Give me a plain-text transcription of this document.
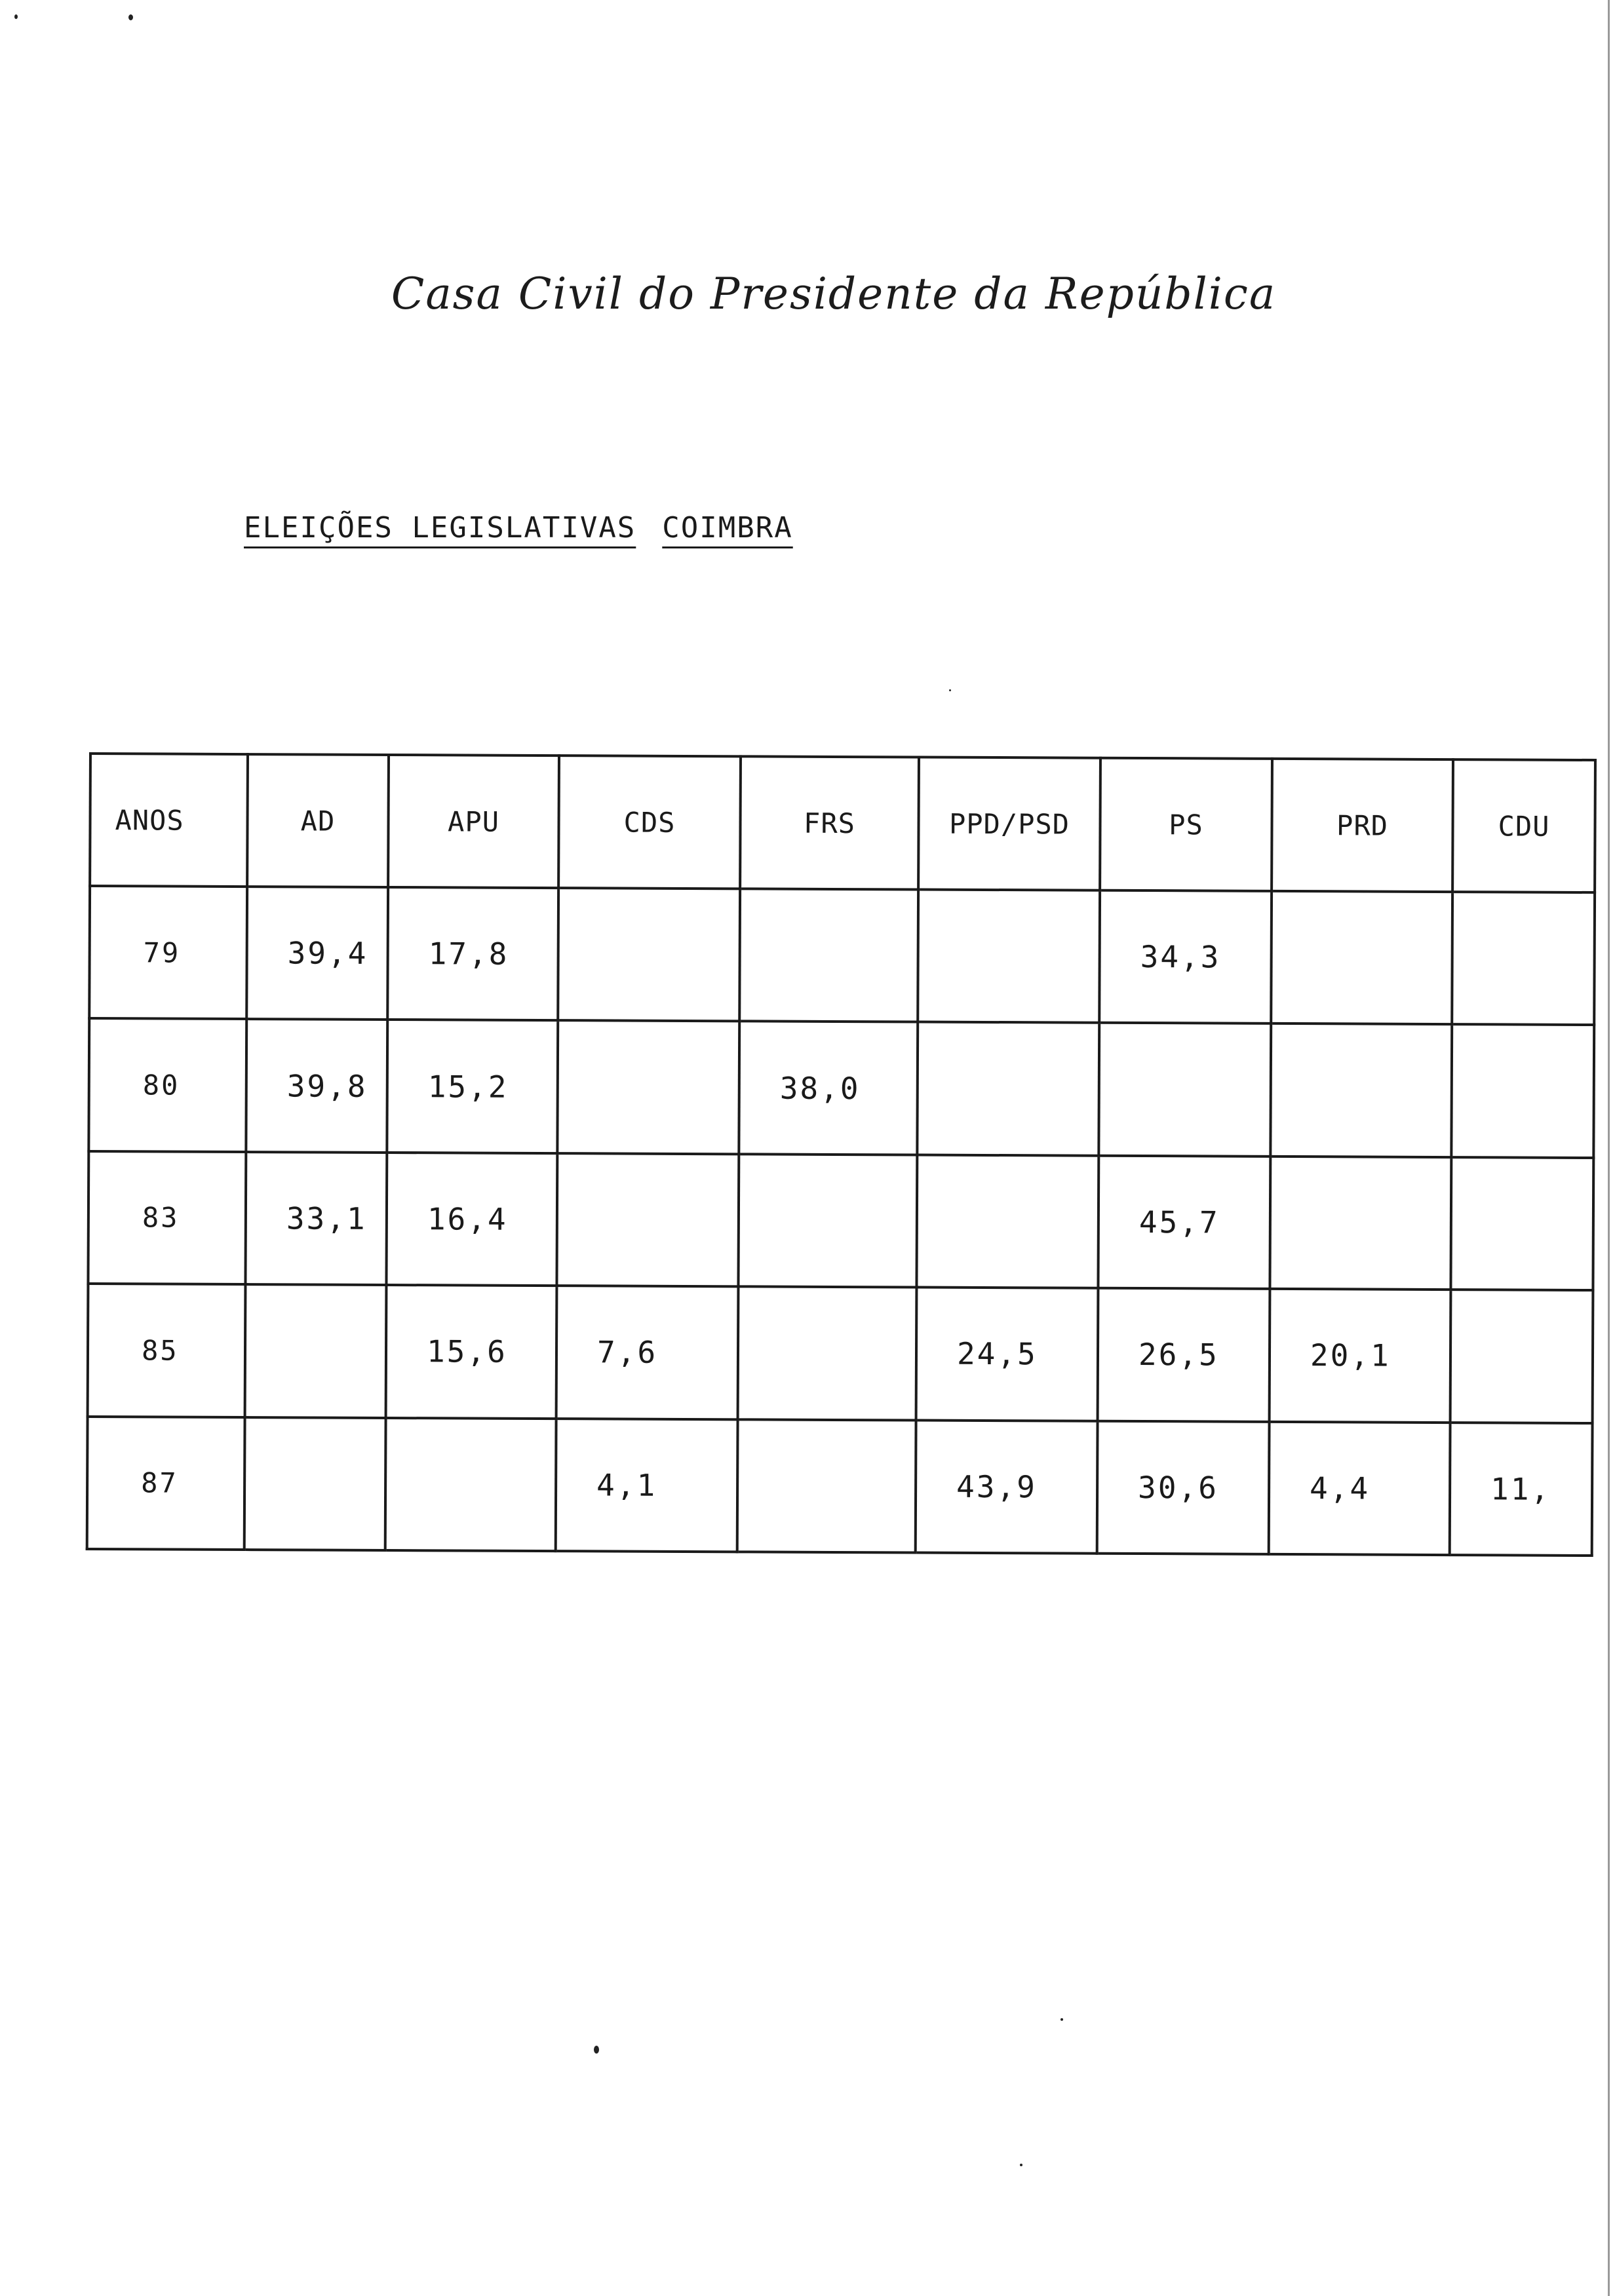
Casa Civil do Presidente da República
ELEIÇÕES LEGISLATIVAS COIMBRA
ANOS	AD	APU	CDS	FRS	PPD/PSD	PS	PRD	CDU
79	39,4	17,8				34,3		
80	39,8	15,2		38,0				
83	33,1	16,4				45,7		
85		15,6	7,6		24,5	26,5	20,1	
87			4,1		43,9	30,6	4,4	11,
